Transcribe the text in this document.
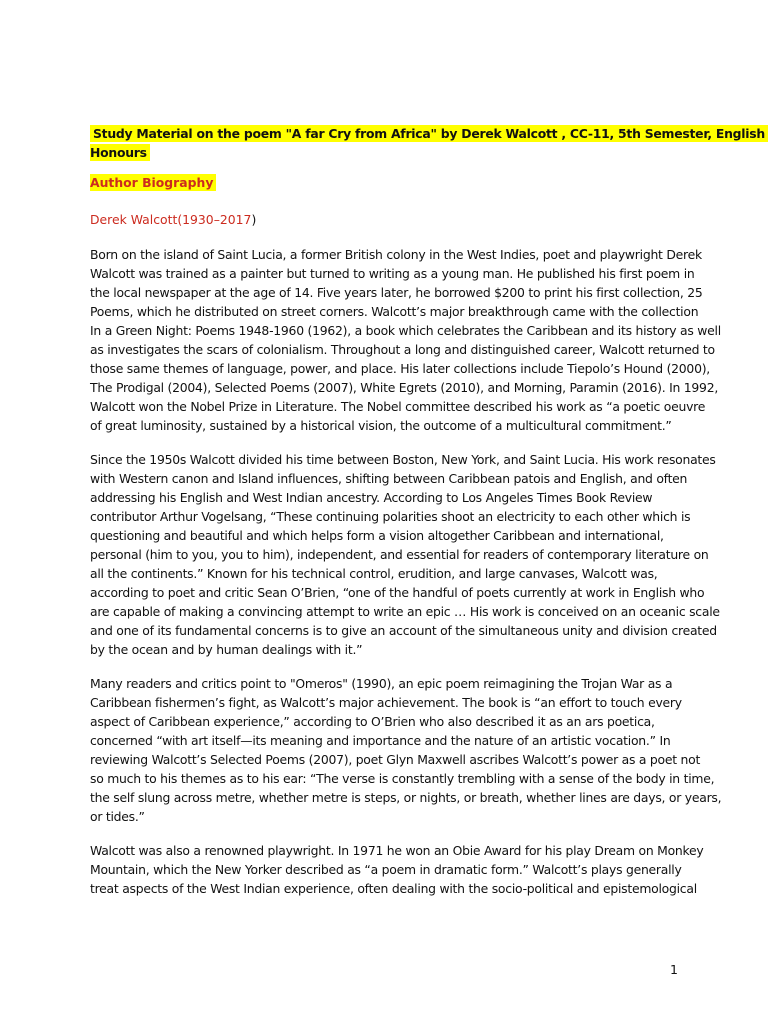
Study Material on the poem "A far Cry from Africa" by Derek Walcott , CC-11, 5th Semester, English
Honours
Author Biography
Derek Walcott(1930–2017)
Born on the island of Saint Lucia, a former British colony in the West Indies, poet and playwright Derek
Walcott was trained as a painter but turned to writing as a young man. He published his first poem in
the local newspaper at the age of 14. Five years later, he borrowed $200 to print his first collection, 25
Poems, which he distributed on street corners. Walcott’s major breakthrough came with the collection
In a Green Night: Poems 1948-1960 (1962), a book which celebrates the Caribbean and its history as well
as investigates the scars of colonialism. Throughout a long and distinguished career, Walcott returned to
those same themes of language, power, and place. His later collections include Tiepolo’s Hound (2000),
The Prodigal (2004), Selected Poems (2007), White Egrets (2010), and Morning, Paramin (2016). In 1992,
Walcott won the Nobel Prize in Literature. The Nobel committee described his work as “a poetic oeuvre
of great luminosity, sustained by a historical vision, the outcome of a multicultural commitment.”
Since the 1950s Walcott divided his time between Boston, New York, and Saint Lucia. His work resonates
with Western canon and Island influences, shifting between Caribbean patois and English, and often
addressing his English and West Indian ancestry. According to Los Angeles Times Book Review
contributor Arthur Vogelsang, “These continuing polarities shoot an electricity to each other which is
questioning and beautiful and which helps form a vision altogether Caribbean and international,
personal (him to you, you to him), independent, and essential for readers of contemporary literature on
all the continents.” Known for his technical control, erudition, and large canvases, Walcott was,
according to poet and critic Sean O’Brien, “one of the handful of poets currently at work in English who
are capable of making a convincing attempt to write an epic … His work is conceived on an oceanic scale
and one of its fundamental concerns is to give an account of the simultaneous unity and division created
by the ocean and by human dealings with it.”
Many readers and critics point to "Omeros" (1990), an epic poem reimagining the Trojan War as a
Caribbean fishermen’s fight, as Walcott’s major achievement. The book is “an effort to touch every
aspect of Caribbean experience,” according to O’Brien who also described it as an ars poetica,
concerned “with art itself—its meaning and importance and the nature of an artistic vocation.” In
reviewing Walcott’s Selected Poems (2007), poet Glyn Maxwell ascribes Walcott’s power as a poet not
so much to his themes as to his ear: “The verse is constantly trembling with a sense of the body in time,
the self slung across metre, whether metre is steps, or nights, or breath, whether lines are days, or years,
or tides.”
Walcott was also a renowned playwright. In 1971 he won an Obie Award for his play Dream on Monkey
Mountain, which the New Yorker described as “a poem in dramatic form.” Walcott’s plays generally
treat aspects of the West Indian experience, often dealing with the socio-political and epistemological
1
